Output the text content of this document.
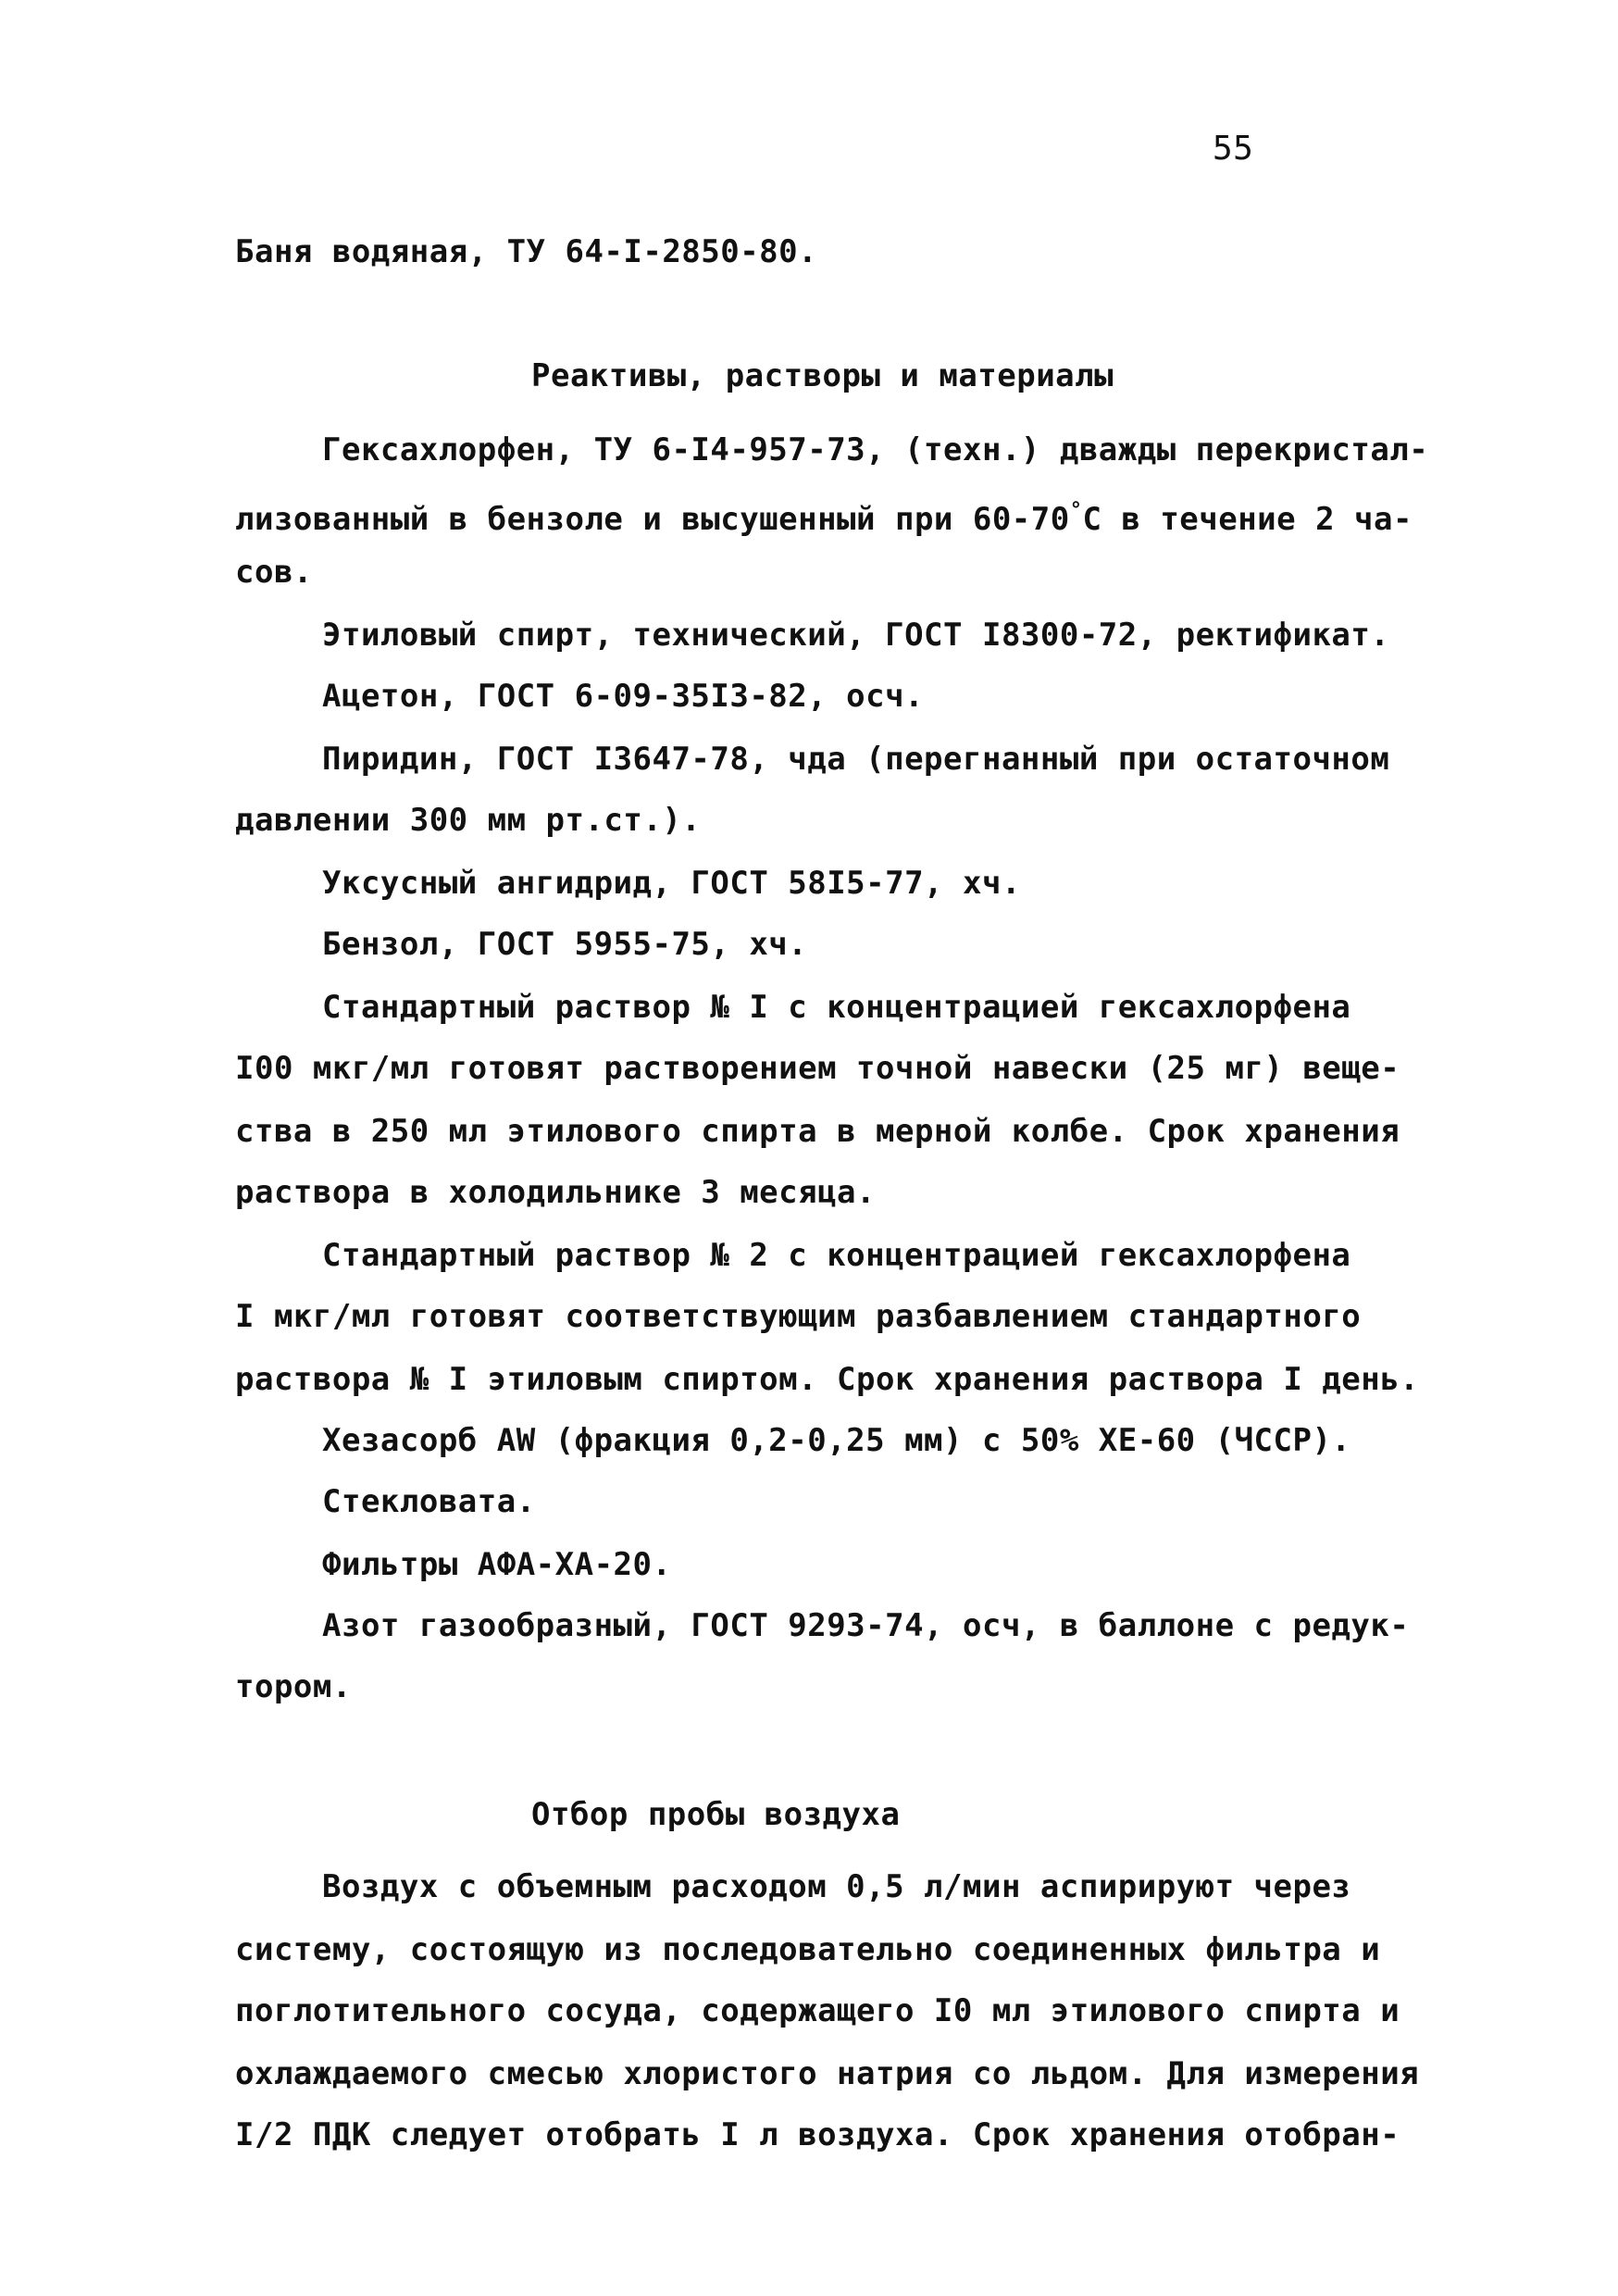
55
Баня водяная, ТУ 64-I-2850-80.
Реактивы, растворы и материалы
Гексахлорфен, ТУ 6-I4-957-73, (техн.) дважды перекристал-
лизованный в бензоле и высушенный при 60-70°С в течение 2 ча-
сов.
Этиловый спирт, технический, ГОСТ I8300-72, ректификат.
Ацетон, ГОСТ 6-09-35I3-82, осч.
Пиридин, ГОСТ I3647-78, чда (перегнанный при остаточном
давлении 300 мм рт.ст.).
Уксусный ангидрид, ГОСТ 58I5-77, хч.
Бензол, ГОСТ 5955-75, хч.
Стандартный раствор № I с концентрацией гексахлорфена
I00 мкг/мл готовят растворением точной навески (25 мг) веще-
ства в 250 мл этилового спирта в мерной колбе. Срок хранения
раствора в холодильнике 3 месяца.
Стандартный раствор № 2 с концентрацией гексахлорфена
I мкг/мл готовят соответствующим разбавлением стандартного
раствора № I этиловым спиртом. Срок хранения раствора I день.
Хезасорб AW (фракция 0,2-0,25 мм) с 50% ХЕ-60 (ЧССР).
Стекловата.
Фильтры АФА-ХА-20.
Азот газообразный, ГОСТ 9293-74, осч, в баллоне с редук-
тором.
Отбор пробы воздуха
Воздух с объемным расходом 0,5 л/мин аспирируют через
систему, состоящую из последовательно соединенных фильтра и
поглотительного сосуда, содержащего I0 мл этилового спирта и
охлаждаемого смесью хлористого натрия со льдом. Для измерения
I/2 ПДК следует отобрать I л воздуха. Срок хранения отобран-
